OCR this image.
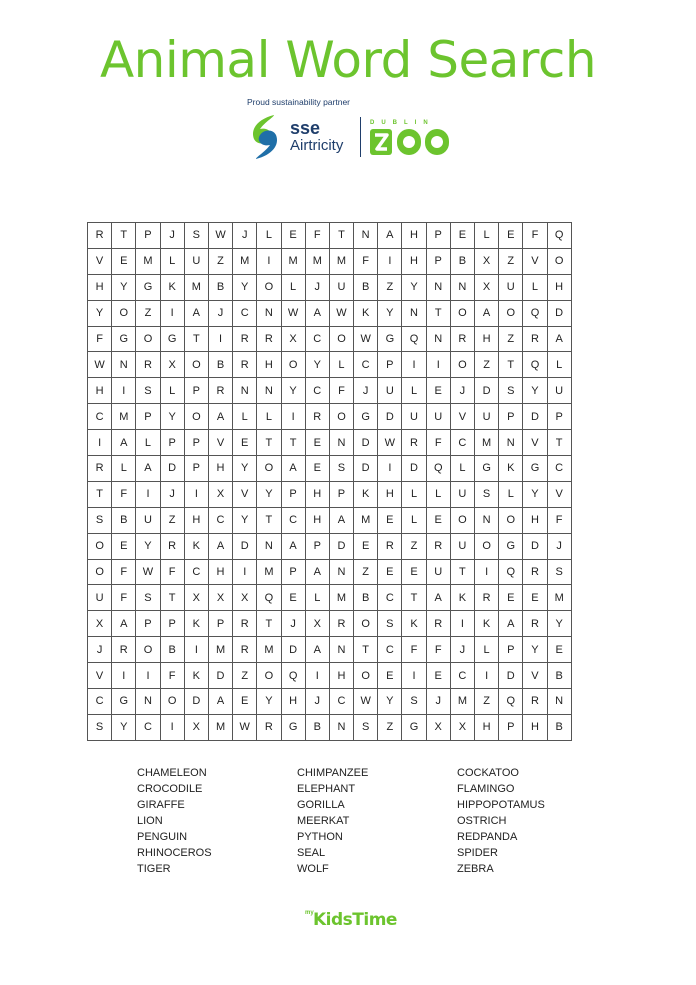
Animal Word Search
Proud sustainability partner
sse
Airtricity
DUBLIN
R	T	P	J	S	W	J	L	E	F	T	N	A	H	P	E	L	E	F	Q
V	E	M	L	U	Z	M	I	M	M	M	F	I	H	P	B	X	Z	V	O
H	Y	G	K	M	B	Y	O	L	J	U	B	Z	Y	N	N	X	U	L	H
Y	O	Z	I	A	J	C	N	W	A	W	K	Y	N	T	O	A	O	Q	D
F	G	O	G	T	I	R	R	X	C	O	W	G	Q	N	R	H	Z	R	A
W	N	R	X	O	B	R	H	O	Y	L	C	P	I	I	O	Z	T	Q	L
H	I	S	L	P	R	N	N	Y	C	F	J	U	L	E	J	D	S	Y	U
C	M	P	Y	O	A	L	L	I	R	O	G	D	U	U	V	U	P	D	P
I	A	L	P	P	V	E	T	T	E	N	D	W	R	F	C	M	N	V	T
R	L	A	D	P	H	Y	O	A	E	S	D	I	D	Q	L	G	K	G	C
T	F	I	J	I	X	V	Y	P	H	P	K	H	L	L	U	S	L	Y	V
S	B	U	Z	H	C	Y	T	C	H	A	M	E	L	E	O	N	O	H	F
O	E	Y	R	K	A	D	N	A	P	D	E	R	Z	R	U	O	G	D	J
O	F	W	F	C	H	I	M	P	A	N	Z	E	E	U	T	I	Q	R	S
U	F	S	T	X	X	X	Q	E	L	M	B	C	T	A	K	R	E	E	M
X	A	P	P	K	P	R	T	J	X	R	O	S	K	R	I	K	A	R	Y
J	R	O	B	I	M	R	M	D	A	N	T	C	F	F	J	L	P	Y	E
V	I	I	F	K	D	Z	O	Q	I	H	O	E	I	E	C	I	D	V	B
C	G	N	O	D	A	E	Y	H	J	C	W	Y	S	J	M	Z	Q	R	N
S	Y	C	I	X	M	W	R	G	B	N	S	Z	G	X	X	H	P	H	B
CHAMELEON
CROCODILE
GIRAFFE
LION
PENGUIN
RHINOCEROS
TIGER
CHIMPANZEE
ELEPHANT
GORILLA
MEERKAT
PYTHON
SEAL
WOLF
COCKATOO
FLAMINGO
HIPPOPOTAMUS
OSTRICH
REDPANDA
SPIDER
ZEBRA
my KidsTime
